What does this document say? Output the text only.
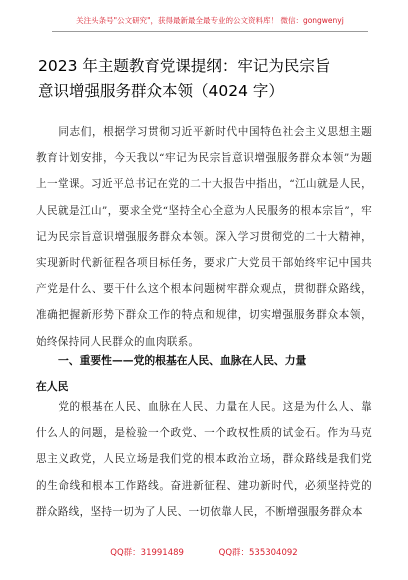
关注头条号"公文研究"，获得最新最全最专业的公文资料库！ 微信：gongwenyj
2023 年主题教育党课提纲：牢记为民宗旨
意识增强服务群众本领（4024 字）
同志们，根据学习贯彻习近平新时代中国特色社会主义思想主题教育计划安排，今天我以“牢记为民宗旨意识增强服务群众本领”为题上一堂课。习近平总书记在党的二十大报告中指出，“江山就是人民，人民就是江山”，要求全党“坚持全心全意为人民服务的根本宗旨”，牢记为民宗旨意识增强服务群众本领。深入学习贯彻党的二十大精神，实现新时代新征程各项目标任务，要求广大党员干部始终牢记中国共产党是什么、要干什么这个根本问题树牢群众观点，贯彻群众路线，准确把握新形势下群众工作的特点和规律，切实增强服务群众本领，始终保持同人民群众的血肉联系。
一、重要性——党的根基在人民、血脉在人民、力量
在人民
党的根基在人民、血脉在人民、力量在人民。这是为什么人、靠什么人的问题，是检验一个政党、一个政权性质的试金石。作为马克思主义政党，人民立场是我们党的根本政治立场，群众路线是我们党的生命线和根本工作路线。奋进新征程、建功新时代，必须坚持党的群众路线，坚持一切为了人民、一切依靠人民，不断增强服务群众本
QQ群：31991489	QQ群：535304092
